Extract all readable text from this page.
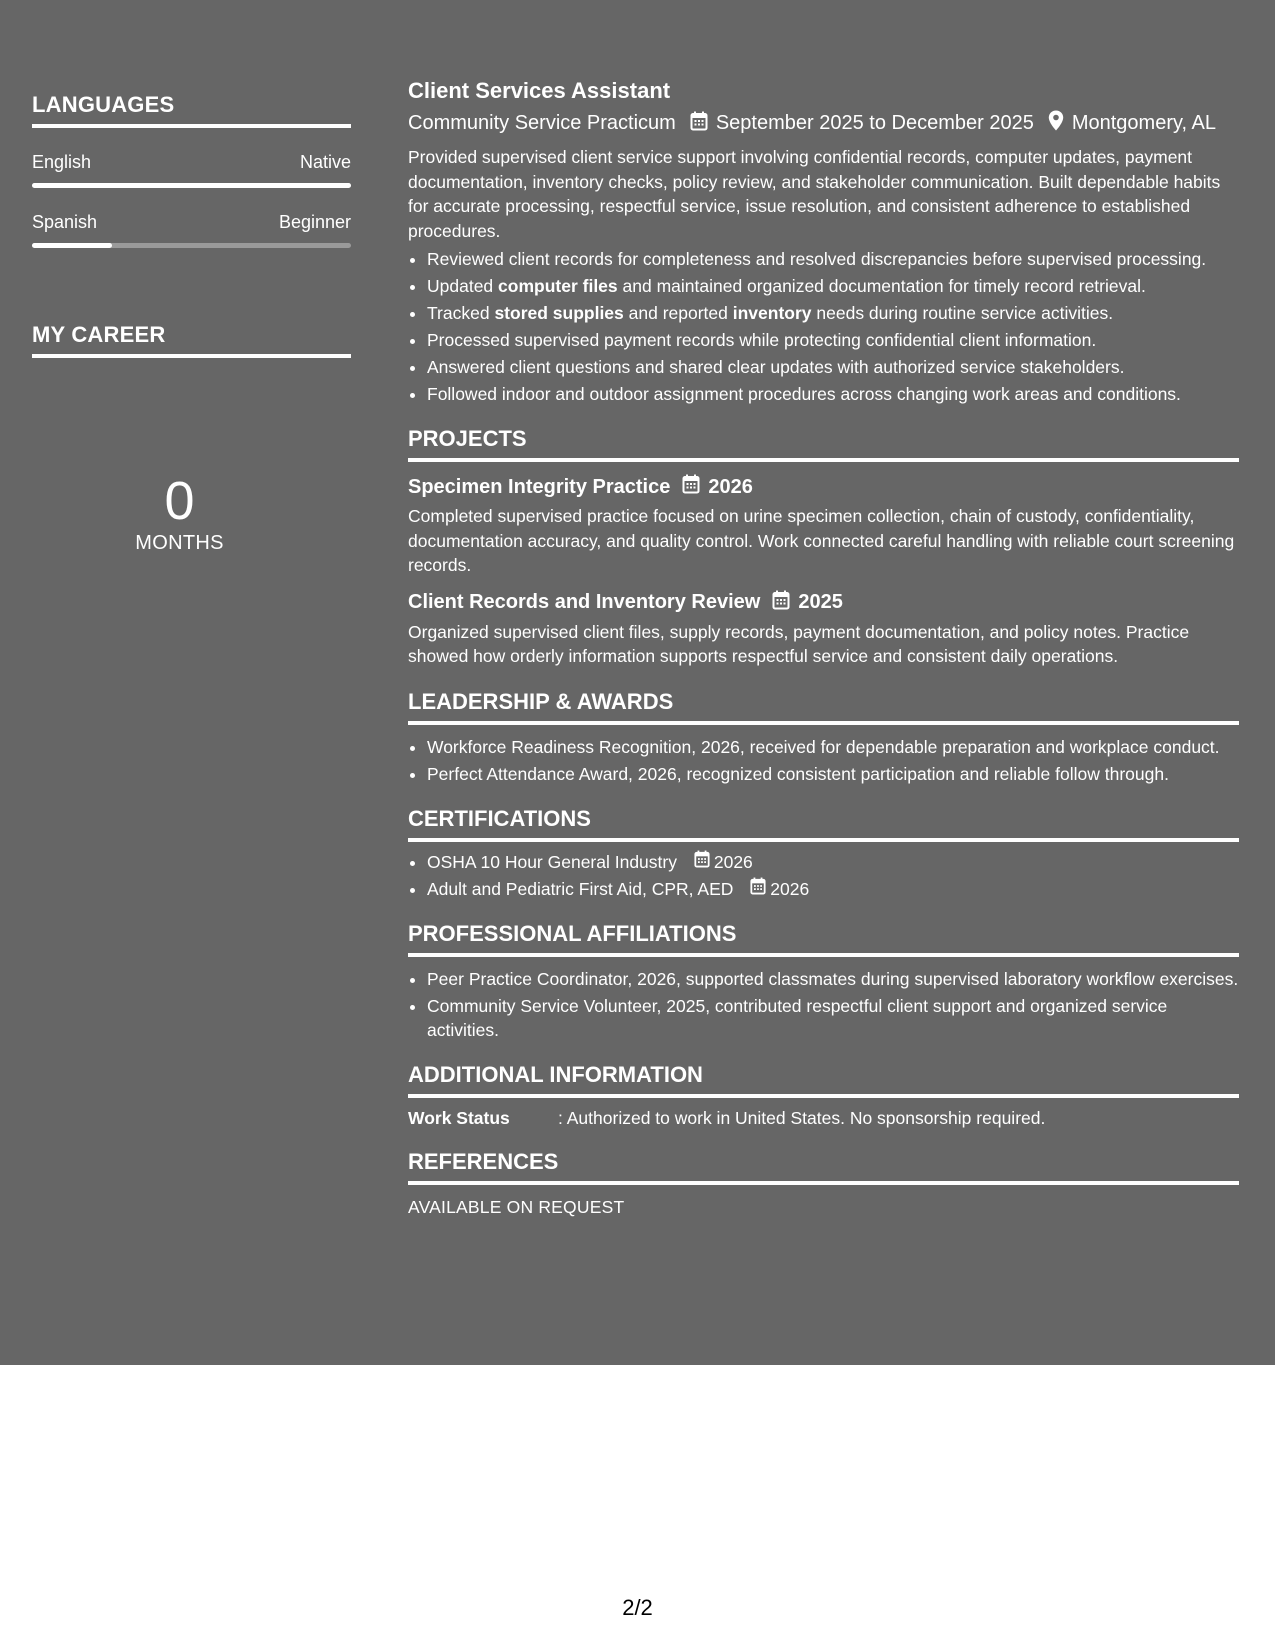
LANGUAGES
English	Native
Spanish	Beginner
MY CAREER
0
MONTHS
Client Services Assistant
Community Service Practicum September 2025 to December 2025 Montgomery, AL

Provided supervised client service support involving confidential records, computer updates, payment documentation, inventory checks, policy review, and stakeholder communication. Built dependable habits for accurate processing, respectful service, issue resolution, and consistent adherence to established procedures.

• Reviewed client records for completeness and resolved discrepancies before supervised processing.
• Updated computer files and maintained organized documentation for timely record retrieval.
• Tracked stored supplies and reported inventory needs during routine service activities.
• Processed supervised payment records while protecting confidential client information.
• Answered client questions and shared clear updates with authorized service stakeholders.
• Followed indoor and outdoor assignment procedures across changing work areas and conditions.
PROJECTS
Specimen Integrity Practice 2026

Completed supervised practice focused on urine specimen collection, chain of custody, confidentiality, documentation accuracy, and quality control. Work connected careful handling with reliable court screening records.

Client Records and Inventory Review 2025

Organized supervised client files, supply records, payment documentation, and policy notes. Practice showed how orderly information supports respectful service and consistent daily operations.

LEADERSHIP & AWARDS
• Workforce Readiness Recognition, 2026, received for dependable preparation and workplace conduct.
• Perfect Attendance Award, 2026, recognized consistent participation and reliable follow through.
CERTIFICATIONS
• OSHA 10 Hour General Industry 2026
• Adult and Pediatric First Aid, CPR, AED 2026
PROFESSIONAL AFFILIATIONS
• Peer Practice Coordinator, 2026, supported classmates during supervised laboratory workflow exercises.
• Community Service Volunteer, 2025, contributed respectful client support and organized service activities.
ADDITIONAL INFORMATION
Work Status	: Authorized to work in United States. No sponsorship required.
REFERENCES
AVAILABLE ON REQUEST
2/2
